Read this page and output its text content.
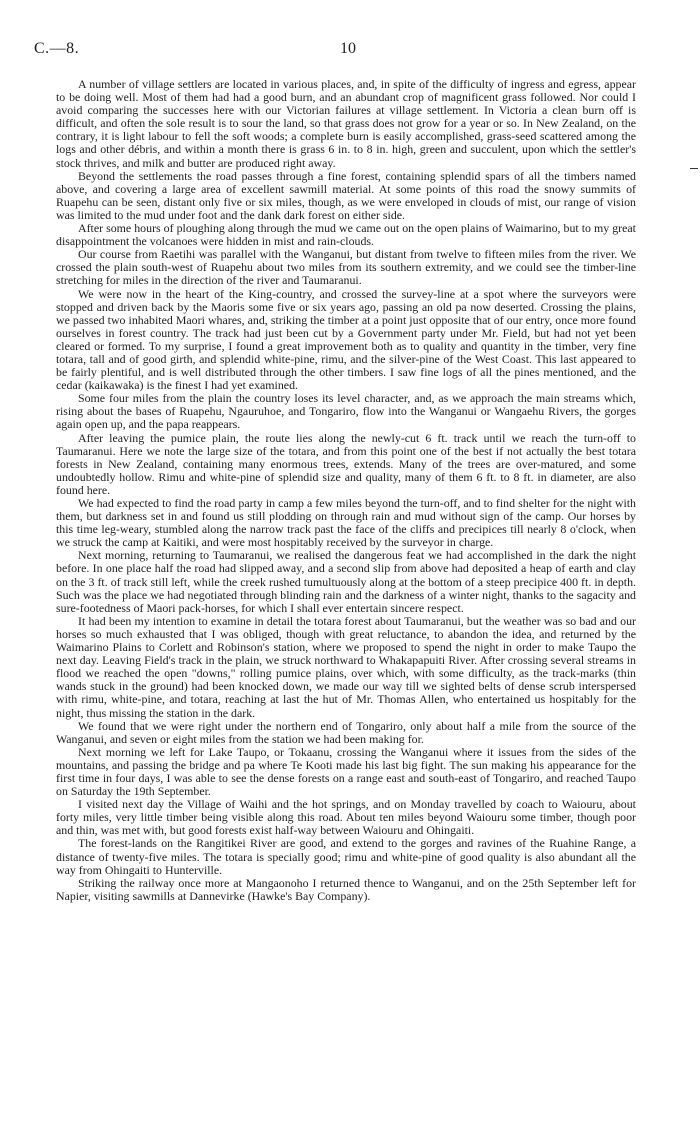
C.—8.	10

A number of village settlers are located in various places, and, in spite of the difficulty of ingress and egress, appear to be doing well. Most of them had had a good burn, and an abundant crop of magnificent grass followed. Nor could I avoid comparing the successes here with our Victorian failures at village settlement. In Victoria a clean burn off is difficult, and often the sole result is to sour the land, so that grass does not grow for a year or so. In New Zealand, on the contrary, it is light labour to fell the soft woods; a complete burn is easily accomplished, grass-seed scattered among the logs and other débris, and within a month there is grass 6 in. to 8 in. high, green and succulent, upon which the settler's stock thrives, and milk and butter are produced right away.

Beyond the settlements the road passes through a fine forest, containing splendid spars of all the timbers named above, and covering a large area of excellent sawmill material. At some points of this road the snowy summits of Ruapehu can be seen, distant only five or six miles, though, as we were enveloped in clouds of mist, our range of vision was limited to the mud under foot and the dank dark forest on either side.

After some hours of ploughing along through the mud we came out on the open plains of Waimarino, but to my great disappointment the volcanoes were hidden in mist and rain-clouds.

Our course from Raetihi was parallel with the Wanganui, but distant from twelve to fifteen miles from the river. We crossed the plain south-west of Ruapehu about two miles from its southern extremity, and we could see the timber-line stretching for miles in the direction of the river and Taumaranui.

We were now in the heart of the King-country, and crossed the survey-line at a spot where the surveyors were stopped and driven back by the Maoris some five or six years ago, passing an old pa now deserted. Crossing the plains, we passed two inhabited Maori whares, and, striking the timber at a point just opposite that of our entry, once more found ourselves in forest country. The track had just been cut by a Government party under Mr. Field, but had not yet been cleared or formed. To my surprise, I found a great improvement both as to quality and quantity in the timber, very fine totara, tall and of good girth, and splendid white-pine, rimu, and the silver-pine of the West Coast. This last appeared to be fairly plentiful, and is well distributed through the other timbers. I saw fine logs of all the pines mentioned, and the cedar (kaikawaka) is the finest I had yet examined.

Some four miles from the plain the country loses its level character, and, as we approach the main streams which, rising about the bases of Ruapehu, Ngauruhoe, and Tongariro, flow into the Wanganui or Wangaehu Rivers, the gorges again open up, and the papa reappears.

After leaving the pumice plain, the route lies along the newly-cut 6 ft. track until we reach the turn-off to Taumaranui. Here we note the large size of the totara, and from this point one of the best if not actually the best totara forests in New Zealand, containing many enormous trees, extends. Many of the trees are over-matured, and some undoubtedly hollow. Rimu and white-pine of splendid size and quality, many of them 6 ft. to 8 ft. in diameter, are also found here.

We had expected to find the road party in camp a few miles beyond the turn-off, and to find shelter for the night with them, but darkness set in and found us still plodding on through rain and mud without sign of the camp. Our horses by this time leg-weary, stumbled along the narrow track past the face of the cliffs and precipices till nearly 8 o'clock, when we struck the camp at Kaitiki, and were most hospitably received by the surveyor in charge.

Next morning, returning to Taumaranui, we realised the dangerous feat we had accomplished in the dark the night before. In one place half the road had slipped away, and a second slip from above had deposited a heap of earth and clay on the 3 ft. of track still left, while the creek rushed tumultuously along at the bottom of a steep precipice 400 ft. in depth. Such was the place we had negotiated through blinding rain and the darkness of a winter night, thanks to the sagacity and sure-footedness of Maori pack-horses, for which I shall ever entertain sincere respect.

It had been my intention to examine in detail the totara forest about Taumaranui, but the weather was so bad and our horses so much exhausted that I was obliged, though with great reluctance, to abandon the idea, and returned by the Waimarino Plains to Corlett and Robinson's station, where we proposed to spend the night in order to make Taupo the next day. Leaving Field's track in the plain, we struck northward to Whakapapuiti River. After crossing several streams in flood we reached the open "downs," rolling pumice plains, over which, with some difficulty, as the track-marks (thin wands stuck in the ground) had been knocked down, we made our way till we sighted belts of dense scrub interspersed with rimu, white-pine, and totara, reaching at last the hut of Mr. Thomas Allen, who entertained us hospitably for the night, thus missing the station in the dark.

We found that we were right under the northern end of Tongariro, only about half a mile from the source of the Wanganui, and seven or eight miles from the station we had been making for.

Next morning we left for Lake Taupo, or Tokaanu, crossing the Wanganui where it issues from the sides of the mountains, and passing the bridge and pa where Te Kooti made his last big fight. The sun making his appearance for the first time in four days, I was able to see the dense forests on a range east and south-east of Tongariro, and reached Taupo on Saturday the 19th September.

I visited next day the Village of Waihi and the hot springs, and on Monday travelled by coach to Waiouru, about forty miles, very little timber being visible along this road. About ten miles beyond Waiouru some timber, though poor and thin, was met with, but good forests exist half-way between Waiouru and Ohingaiti.

The forest-lands on the Rangitikei River are good, and extend to the gorges and ravines of the Ruahine Range, a distance of twenty-five miles. The totara is specially good; rimu and white-pine of good quality is also abundant all the way from Ohingaiti to Hunterville.

Striking the railway once more at Mangaonoho I returned thence to Wanganui, and on the 25th September left for Napier, visiting sawmills at Dannevirke (Hawke's Bay Company).
